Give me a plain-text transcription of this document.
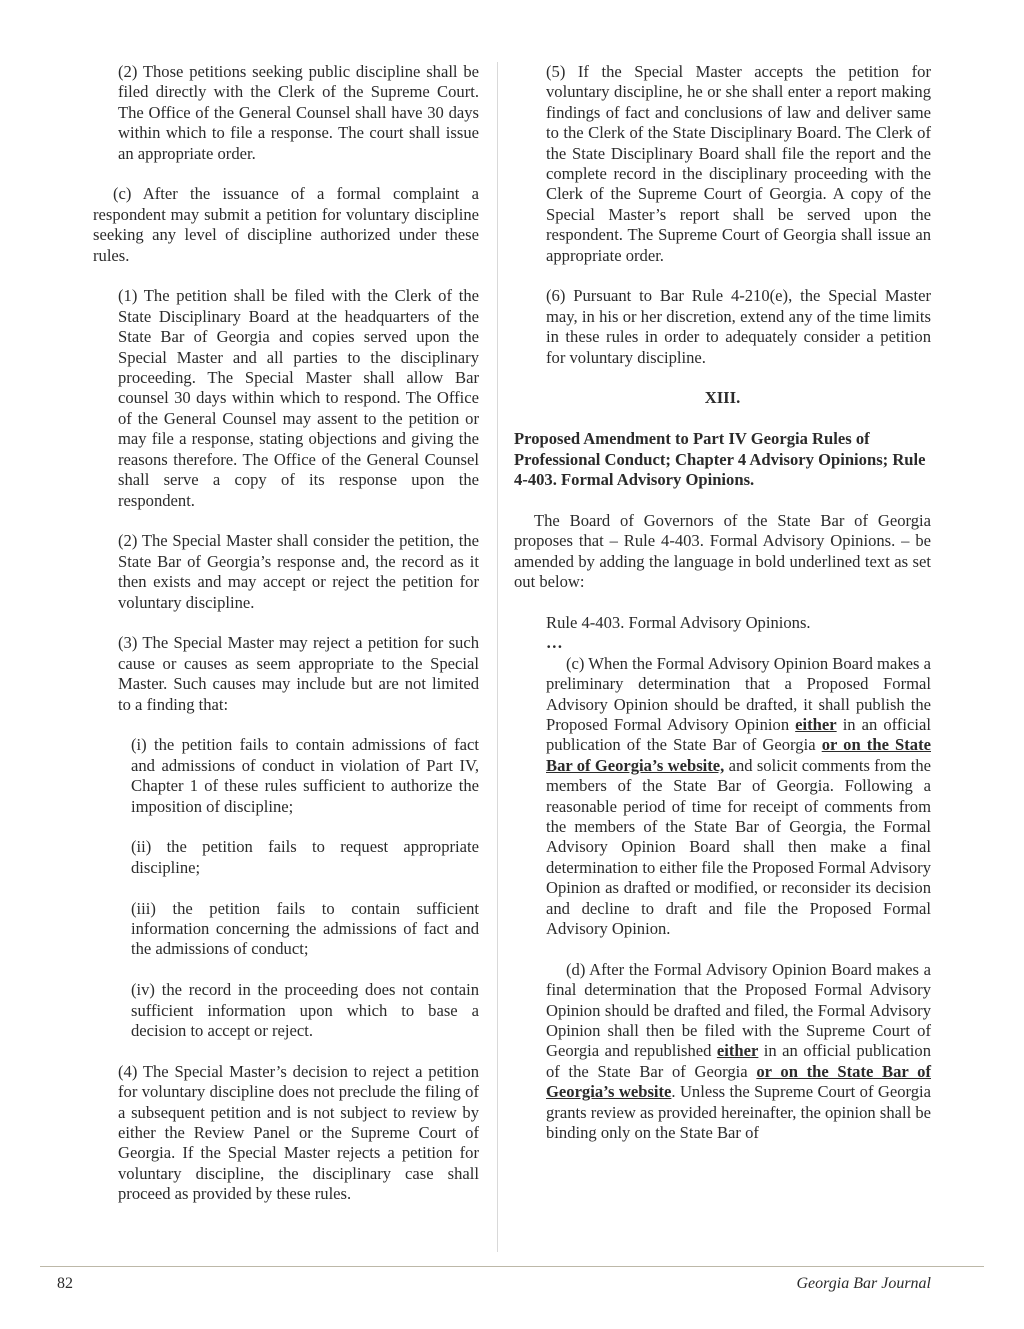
(2) Those petitions seeking public discipline shall be filed directly with the Clerk of the Supreme Court. The Office of the General Counsel shall have 30 days within which to file a response. The court shall issue an appropriate order.

(c) After the issuance of a formal complaint a respondent may submit a petition for voluntary discipline seeking any level of discipline authorized under these rules.

(1) The petition shall be filed with the Clerk of the State Disciplinary Board at the headquarters of the State Bar of Georgia and copies served upon the Special Master and all parties to the disciplinary proceeding. The Special Master shall allow Bar counsel 30 days within which to respond. The Office of the General Counsel may assent to the petition or may file a response, stating objections and giving the reasons therefore. The Office of the General Counsel shall serve a copy of its response upon the respondent.

(2) The Special Master shall consider the petition, the State Bar of Georgia’s response and, the record as it then exists and may accept or reject the petition for voluntary discipline.

(3) The Special Master may reject a petition for such cause or causes as seem appropriate to the Special Master. Such causes may include but are not limited to a finding that:

(i) the petition fails to contain admissions of fact and admissions of conduct in violation of Part IV, Chapter 1 of these rules sufficient to authorize the imposition of discipline;

(ii) the petition fails to request appropriate discipline;

(iii) the petition fails to contain sufficient information concerning the admissions of fact and the admissions of conduct;

(iv) the record in the proceeding does not contain sufficient information upon which to base a decision to accept or reject.

(4) The Special Master’s decision to reject a petition for voluntary discipline does not preclude the filing of a subsequent petition and is not subject to review by either the Review Panel or the Supreme Court of Georgia. If the Special Master rejects a petition for voluntary discipline, the disciplinary case shall proceed as provided by these rules.

(5) If the Special Master accepts the petition for voluntary discipline, he or she shall enter a report making findings of fact and conclusions of law and deliver same to the Clerk of the State Disciplinary Board. The Clerk of the State Disciplinary Board shall file the report and the complete record in the disciplinary proceeding with the Clerk of the Supreme Court of Georgia. A copy of the Special Master’s report shall be served upon the respondent. The Supreme Court of Georgia shall issue an appropriate order.

(6) Pursuant to Bar Rule 4-210(e), the Special Master may, in his or her discretion, extend any of the time limits in these rules in order to adequately consider a petition for voluntary discipline.

XIII.

Proposed Amendment to Part IV Georgia Rules of Professional Conduct; Chapter 4 Advisory Opinions; Rule 4-403. Formal Advisory Opinions.

The Board of Governors of the State Bar of Georgia proposes that – Rule 4-403. Formal Advisory Opinions. – be amended by adding the language in bold underlined text as set out below:

Rule 4-403. Formal Advisory Opinions.

…

(c) When the Formal Advisory Opinion Board makes a preliminary determination that a Proposed Formal Advisory Opinion should be drafted, it shall publish the Proposed Formal Advisory Opinion either in an official publication of the State Bar of Georgia or on the State Bar of Georgia’s website, and solicit comments from the members of the State Bar of Georgia. Following a reasonable period of time for receipt of comments from the members of the State Bar of Georgia, the Formal Advisory Opinion Board shall then make a final determination to either file the Proposed Formal Advisory Opinion as drafted or modified, or reconsider its decision and decline to draft and file the Proposed Formal Advisory Opinion.

(d) After the Formal Advisory Opinion Board makes a final determination that the Proposed Formal Advisory Opinion should be drafted and filed, the Formal Advisory Opinion shall then be filed with the Supreme Court of Georgia and republished either in an official publication of the State Bar of Georgia or on the State Bar of Georgia’s website. Unless the Supreme Court of Georgia grants review as provided hereinafter, the opinion shall be binding only on the State Bar of

82	Georgia Bar Journal
